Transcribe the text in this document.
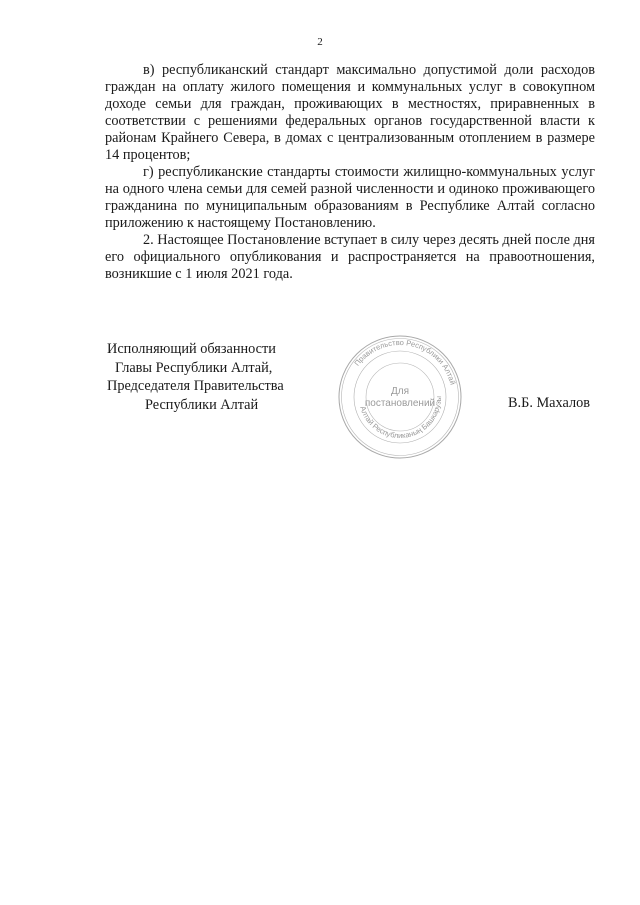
2

в) республиканский стандарт максимально допустимой доли расходов граждан на оплату жилого помещения и коммунальных услуг в совокупном доходе семьи для граждан, проживающих в местностях, приравненных в соответствии с решениями федеральных органов государственной власти к районам Крайнего Севера, в домах с централизованным отоплением в размере 14 процентов;

г) республиканские стандарты стоимости жилищно-коммунальных услуг на одного члена семьи для семей разной численности и одиноко проживающего гражданина по муниципальным образованиям в Республике Алтай согласно приложению к настоящему Постановлению.

2. Настоящее Постановление вступает в силу через десять дней после дня его официального опубликования и распространяется на правоотношения, возникшие с 1 июля 2021 года.

Исполняющий обязанности
Главы Республики Алтай,
Председателя Правительства
Республики Алтай
Правительство Республики Алтай
Алтай Республиканың Башкарузы
Для
постановлений	В.Б. Махалов
